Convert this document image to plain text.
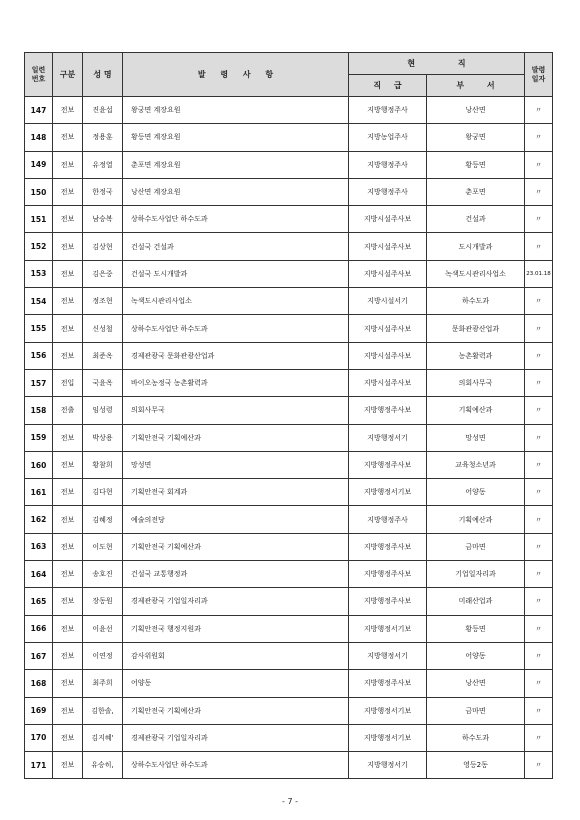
일련
번호	구분	성 명	발 령 사 항	현 직		발령
일자
				직 급	부 서	
147	전보	진윤섭	왕궁면 계장요원	지방행정주사	낭산면	〃
148	전보	정용훈	황등면 계장요원	지방농업주사	왕궁면	〃
149	전보	유정열	춘포면 계장요원	지방행정주사	황등면	〃
150	전보	한정국	낭산면 계장요원	지방행정주사	춘포면	〃
151	전보	남승복	상하수도사업단 하수도과	지방시설주사보	건설과	〃
152	전보	김상현	건설국 건설과	지방시설주사보	도시개발과	〃
153	전보	김은중	건설국 도시개발과	지방시설주사보	녹색도시관리사업소	23.01.18
154	전보	정조현	녹색도시관리사업소	지방시설서기	하수도과	〃
155	전보	신성철	상하수도사업단 하수도과	지방시설주사보	문화관광산업과	〃
156	전보	최준옥	경제관광국 문화관광산업과	지방시설주사보	농촌활력과	〃
157	전입	국윤옥	바이오농정국 농촌활력과	지방시설주사보	의회사무국	〃
158	전출	임성령	의회사무국	지방행정주사보	기획예산과	〃
159	전보	박상용	기획안전국 기획예산과	지방행정서기	망성면	〃
160	전보	황참희	망성면	지방행정주사보	교육청소년과	〃
161	전보	김다현	기획안전국 회계과	지방행정서기보	어양동	〃
162	전보	김혜정	예술의전당	지방행정주사	기획예산과	〃
163	전보	이도현	기획안전국 기획예산과	지방행정주사보	금마면	〃
164	전보	송호진	건설국 교통행정과	지방행정주사보	기업일자리과	〃
165	전보	장동원	경제관광국 기업일자리과	지방행정주사보	미래산업과	〃
166	전보	이윤선	기획안전국 행정지원과	지방행정서기보	황등면	〃
167	전보	이연정	감사위원회	지방행정서기	어양동	〃
168	전보	최주희	어양동	지방행정주사보	낭산면	〃
169	전보	김한솔,	기획안전국 기획예산과	지방행정서기보	금마면	〃
170	전보	김지혜'	경제관광국 기업일자리과	지방행정서기보	하수도과	〃
171	전보	유승히,	상하수도사업단 하수도과	지방행정서기	영등2동	〃
- 7 -
